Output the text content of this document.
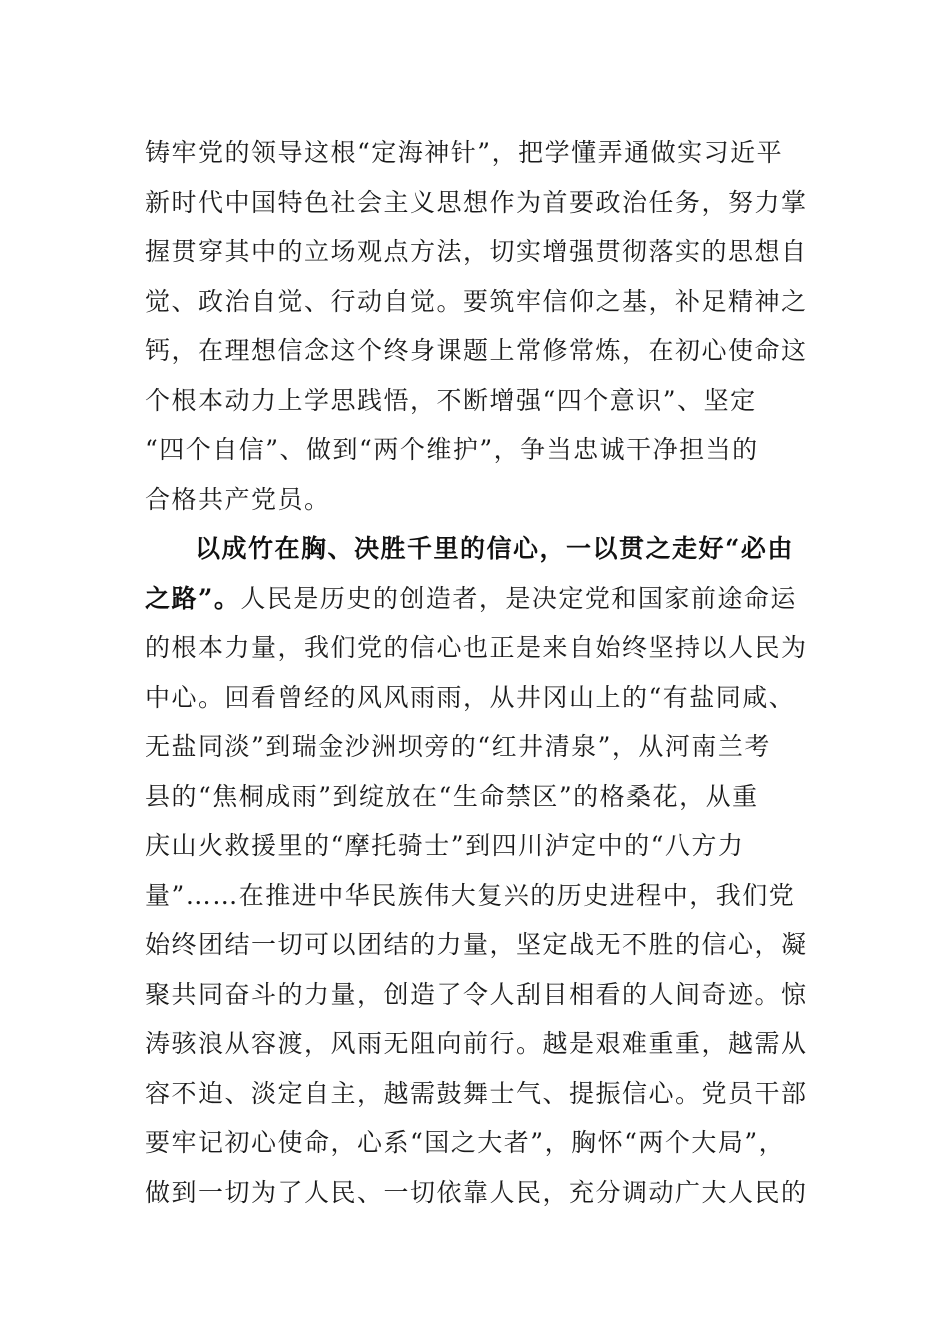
铸牢党的领导这根“定海神针”，把学懂弄通做实习近平
新时代中国特色社会主义思想作为首要政治任务，努力掌
握贯穿其中的立场观点方法，切实增强贯彻落实的思想自
觉、政治自觉、行动自觉。要筑牢信仰之基，补足精神之
钙，在理想信念这个终身课题上常修常炼，在初心使命这
个根本动力上学思践悟，不断增强“四个意识”、坚定
“四个自信”、做到“两个维护”，争当忠诚干净担当的
合格共产党员。
以成竹在胸、决胜千里的信心，一以贯之走好“必由
之路”。人民是历史的创造者，是决定党和国家前途命运
的根本力量，我们党的信心也正是来自始终坚持以人民为
中心。回看曾经的风风雨雨，从井冈山上的“有盐同咸、
无盐同淡”到瑞金沙洲坝旁的“红井清泉”，从河南兰考
县的“焦桐成雨”到绽放在“生命禁区”的格桑花，从重
庆山火救援里的“摩托骑士”到四川泸定中的“八方力
量”……在推进中华民族伟大复兴的历史进程中，我们党
始终团结一切可以团结的力量，坚定战无不胜的信心，凝
聚共同奋斗的力量，创造了令人刮目相看的人间奇迹。惊
涛骇浪从容渡，风雨无阻向前行。越是艰难重重，越需从
容不迫、淡定自主，越需鼓舞士气、提振信心。党员干部
要牢记初心使命，心系“国之大者”，胸怀“两个大局”，
做到一切为了人民、一切依靠人民，充分调动广大人民的
